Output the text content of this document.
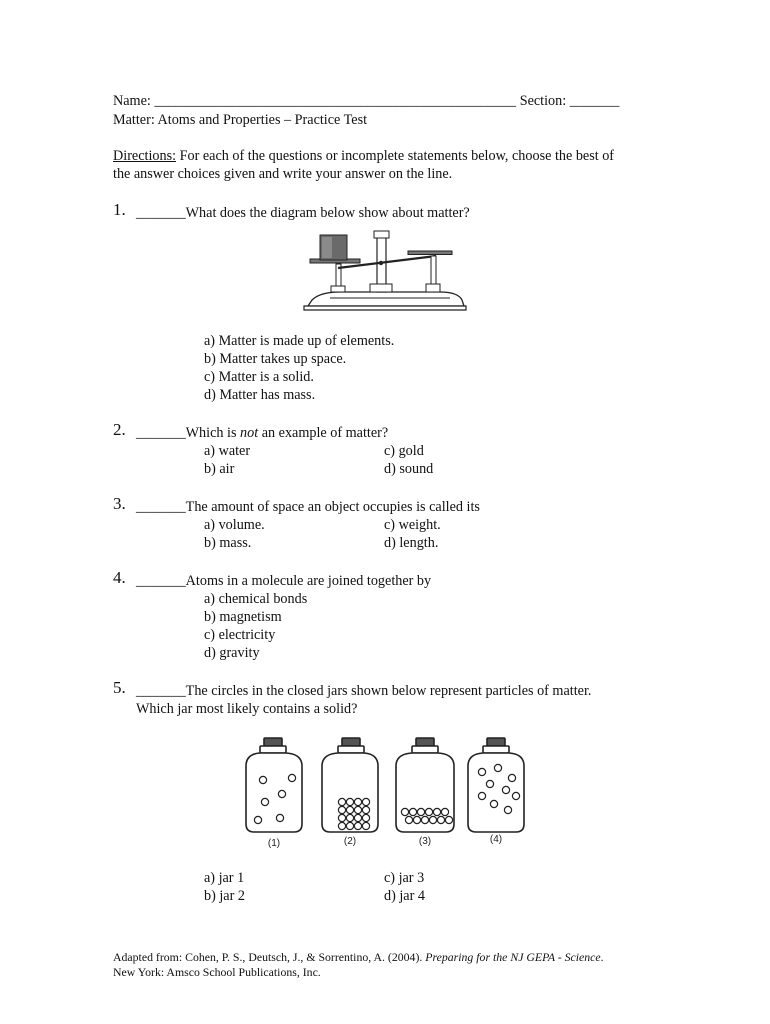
Name: ___________________________________________________ Section: _______
Matter: Atoms and Properties – Practice Test
Directions: For each of the questions or incomplete statements below, choose the best of
the answer choices given and write your answer on the line.
1. _______What does the diagram below show about matter?
a) Matter is made up of elements.
b) Matter takes up space.
c) Matter is a solid.
d) Matter has mass.
2. _______Which is not an example of matter?
a) water
b) air
c) gold
d) sound
3. _______The amount of space an object occupies is called its
a) volume.
b) mass.
c) weight.
d) length.
4. _______Atoms in a molecule are joined together by
a) chemical bonds
b) magnetism
c) electricity
d) gravity
5. _______The circles in the closed jars shown below represent particles of matter.
Which jar most likely contains a solid?
(1)	(2)	(3)	(4)
a) jar 1
b) jar 2
c) jar 3
d) jar 4
Adapted from: Cohen, P. S., Deutsch, J., & Sorrentino, A. (2004). Preparing for the NJ GEPA - Science.
New York: Amsco School Publications, Inc.
